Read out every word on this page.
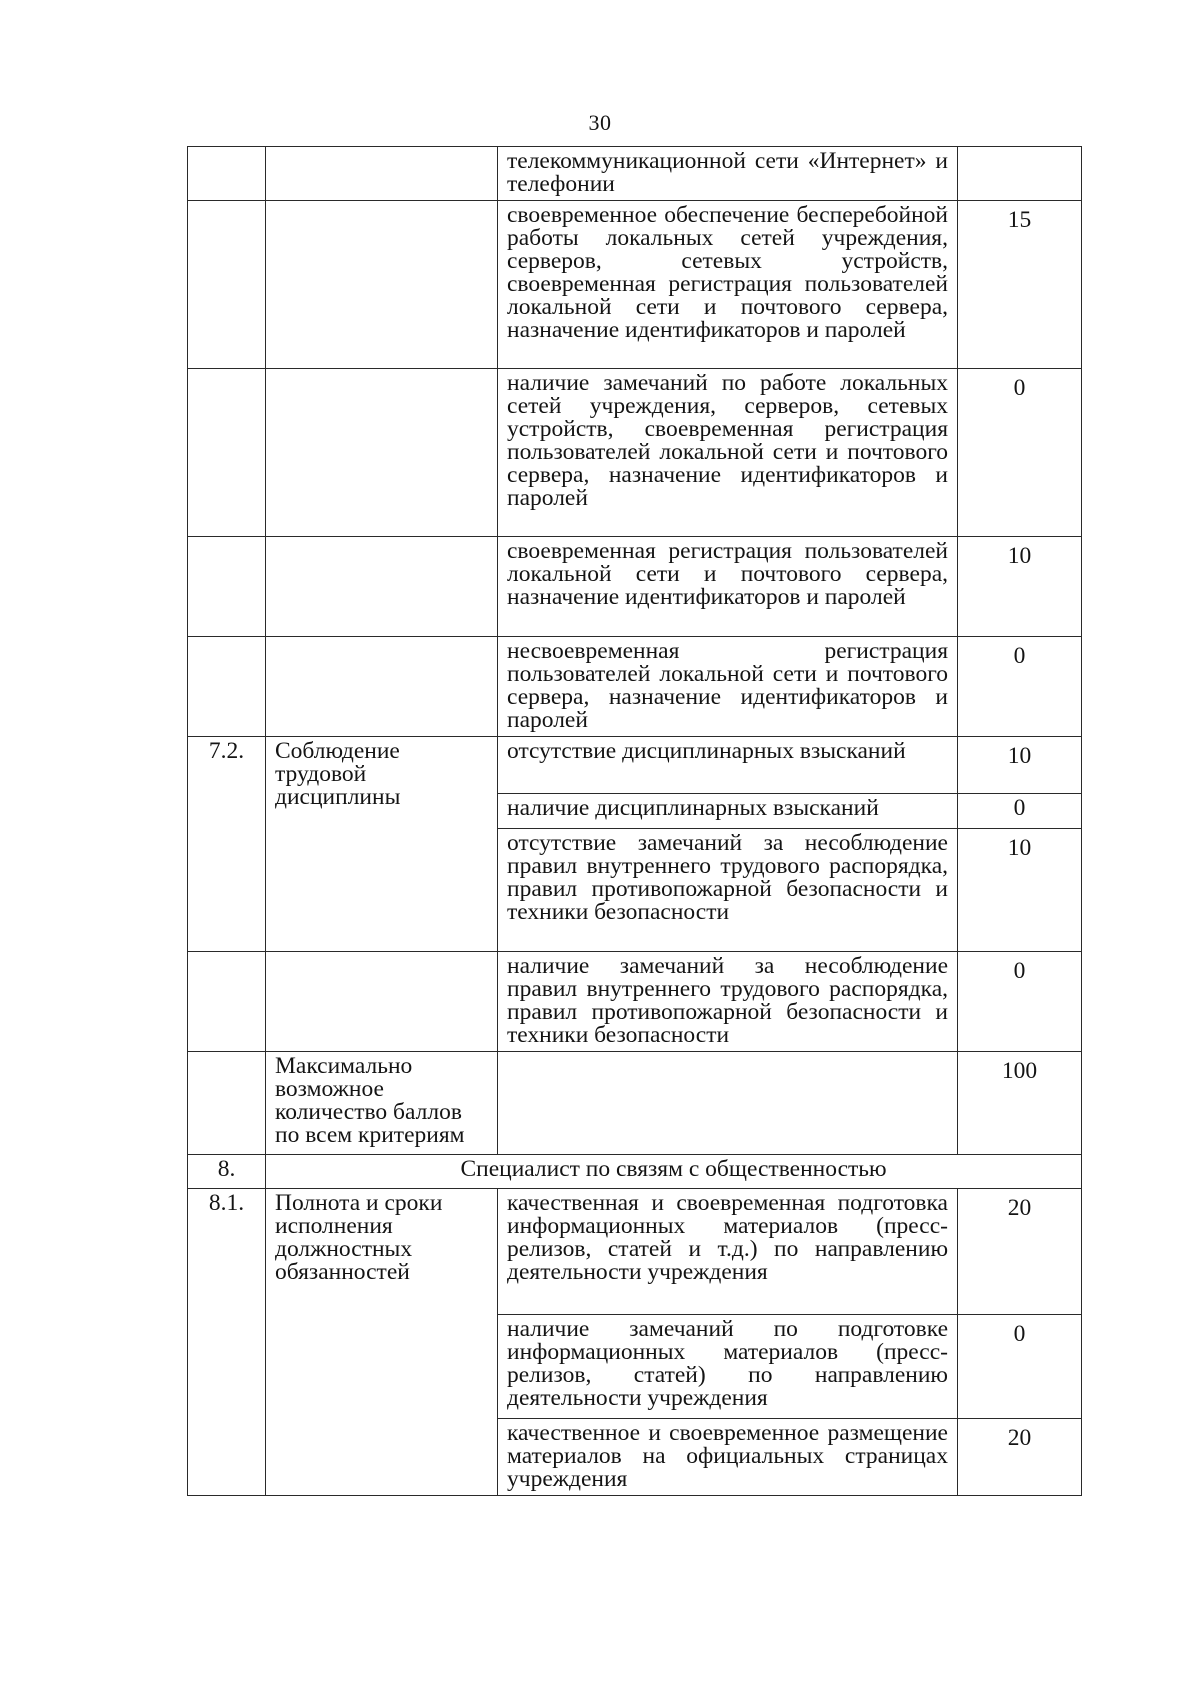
30
		телекоммуникационной сети «Интернет» и телефонии	
		своевременное обеспечение бесперебойной работы локальных сетей учреждения, серверов, сетевых устройств, своевременная регистрация пользователей локальной сети и почтового сервера, назначение идентификаторов и паролей	15
		наличие замечаний по работе локальных сетей учреждения, серверов, сетевых устройств, своевременная регистрация пользователей локальной сети и почтового сервера, назначение идентификаторов и паролей	0
		своевременная регистрация пользователей локальной сети и почтового сервера, назначение идентификаторов и паролей	10
		несвоевременная регистрация пользователей локальной сети и почтового сервера, назначение идентификаторов и паролей	0
7.2.	Соблюдение трудовой дисциплины	отсутствие дисциплинарных взысканий	10
		наличие дисциплинарных взысканий	0
		отсутствие замечаний за несоблюдение правил внутреннего трудового распорядка, правил противопожарной безопасности и техники безопасности	10
		наличие замечаний за несоблюдение правил внутреннего трудового распорядка, правил противопожарной безопасности и техники безопасности	0
	Максимально возможное количество баллов по всем критериям		100
8.	Специалист по связям с общественностью		
8.1.	Полнота и сроки исполнения должностных обязанностей	качественная и своевременная подготовка информационных материалов (пресс-релизов, статей и т.д.) по направлению деятельности учреждения	20
		наличие замечаний по подготовке информационных материалов (пресс-релизов, статей) по направлению деятельности учреждения	0
		качественное и своевременное размещение материалов на официальных страницах учреждения	20
